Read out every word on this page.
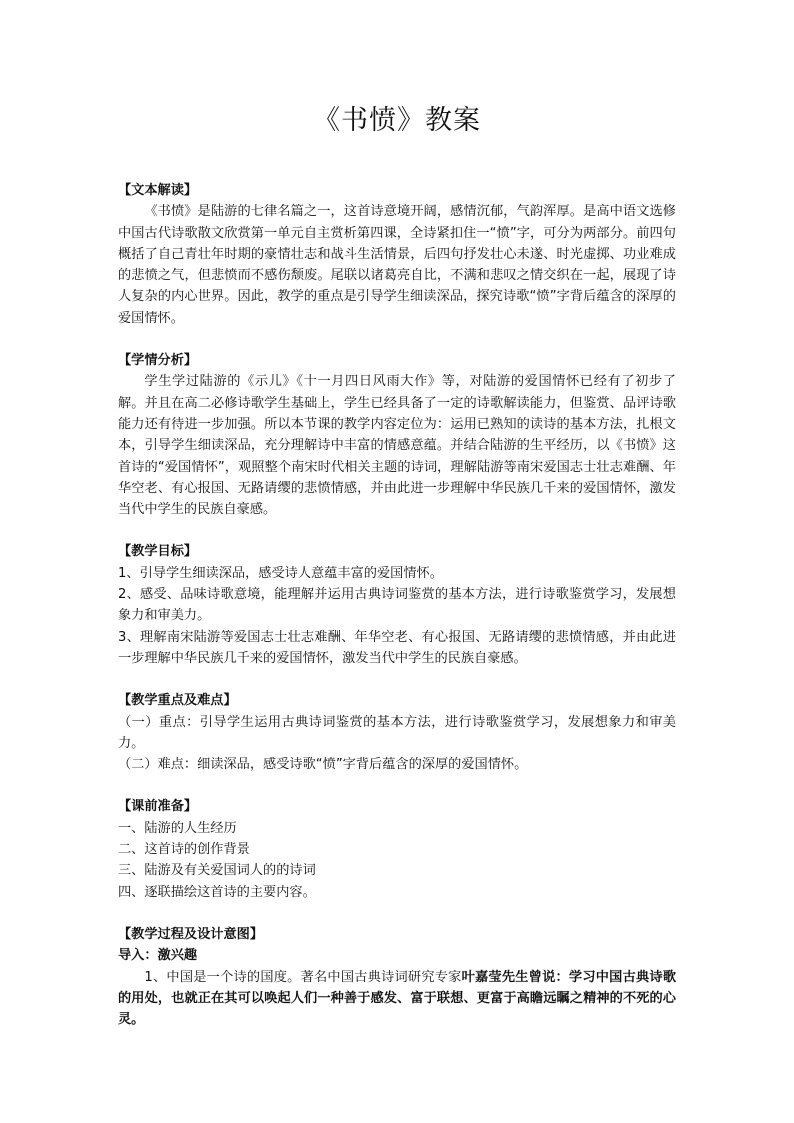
《书愤》教案
【文本解读】

《书愤》是陆游的七律名篇之一，这首诗意境开阔，感情沉郁，气韵浑厚。是高中语文选修中国古代诗歌散文欣赏第一单元自主赏析第四课，全诗紧扣住一“愤”字，可分为两部分。前四句概括了自己青壮年时期的豪情壮志和战斗生活情景，后四句抒发壮心未遂、时光虚掷、功业难成的悲愤之气，但悲愤而不感伤颓废。尾联以诸葛亮自比，不满和悲叹之情交织在一起，展现了诗人复杂的内心世界。因此，教学的重点是引导学生细读深品，探究诗歌“愤”字背后蕴含的深厚的爱国情怀。

【学情分析】

学生学过陆游的《示儿》《十一月四日风雨大作》等，对陆游的爱国情怀已经有了初步了解。并且在高二必修诗歌学生基础上，学生已经具备了一定的诗歌解读能力，但鉴赏、品评诗歌能力还有待进一步加强。所以本节课的教学内容定位为：运用已熟知的读诗的基本方法，扎根文本，引导学生细读深品，充分理解诗中丰富的情感意蕴。并结合陆游的生平经历，以《书愤》这首诗的“爱国情怀”，观照整个南宋时代相关主题的诗词，理解陆游等南宋爱国志士壮志难酬、年华空老、有心报国、无路请缨的悲愤情感，并由此进一步理解中华民族几千来的爱国情怀，激发当代中学生的民族自豪感。

【教学目标】

1、引导学生细读深品，感受诗人意蕴丰富的爱国情怀。

2、感受、品味诗歌意境，能理解并运用古典诗词鉴赏的基本方法，进行诗歌鉴赏学习，发展想象力和审美力。

3、理解南宋陆游等爱国志士壮志难酬、年华空老、有心报国、无路请缨的悲愤情感，并由此进一步理解中华民族几千来的爱国情怀，激发当代中学生的民族自豪感。

【教学重点及难点】

（一）重点：引导学生运用古典诗词鉴赏的基本方法，进行诗歌鉴赏学习，发展想象力和审美力。

（二）难点：细读深品，感受诗歌“愤”字背后蕴含的深厚的爱国情怀。

【课前准备】

一、陆游的人生经历

二、这首诗的创作背景

三、陆游及有关爱国词人的的诗词

四、逐联描绘这首诗的主要内容。

【教学过程及设计意图】
导入：激兴趣

1、中国是一个诗的国度。著名中国古典诗词研究专家叶嘉莹先生曾说：学习中国古典诗歌的用处，也就正在其可以唤起人们一种善于感发、富于联想、更富于高瞻远瞩之精神的不死的心灵。
